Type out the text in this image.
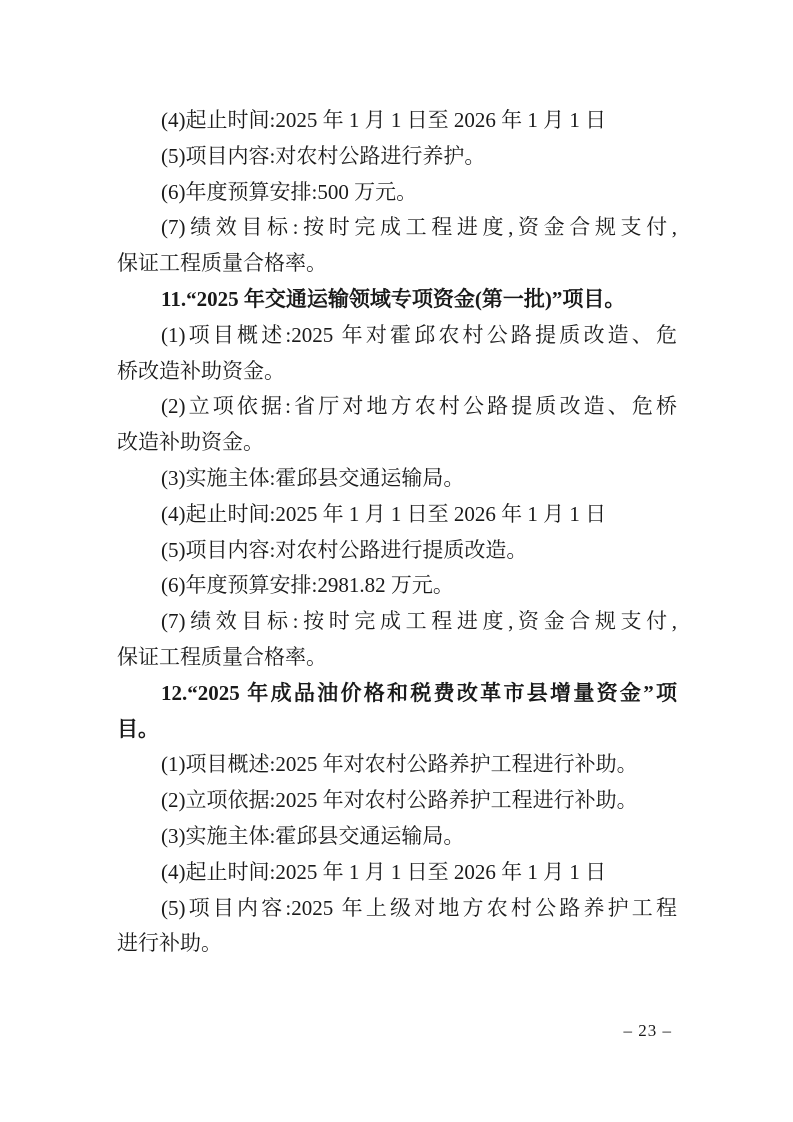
(4)起止时间:2025 年 1 月 1 日至 2026 年 1 月 1 日
(5)项目内容:对农村公路进行养护。
(6)年度预算安排:500 万元。
(7)绩效目标:按时完成工程进度,资金合规支付,
保证工程质量合格率。
11.“2025 年交通运输领域专项资金(第一批)”项目。
(1)项目概述:2025 年对霍邱农村公路提质改造、危
桥改造补助资金。
(2)立项依据:省厅对地方农村公路提质改造、危桥
改造补助资金。
(3)实施主体:霍邱县交通运输局。
(4)起止时间:2025 年 1 月 1 日至 2026 年 1 月 1 日
(5)项目内容:对农村公路进行提质改造。
(6)年度预算安排:2981.82 万元。
(7)绩效目标:按时完成工程进度,资金合规支付,
保证工程质量合格率。
12.“2025 年成品油价格和税费改革市县增量资金”项
目。
(1)项目概述:2025 年对农村公路养护工程进行补助。
(2)立项依据:2025 年对农村公路养护工程进行补助。
(3)实施主体:霍邱县交通运输局。
(4)起止时间:2025 年 1 月 1 日至 2026 年 1 月 1 日
(5)项目内容:2025 年上级对地方农村公路养护工程
进行补助。
– 23 –
